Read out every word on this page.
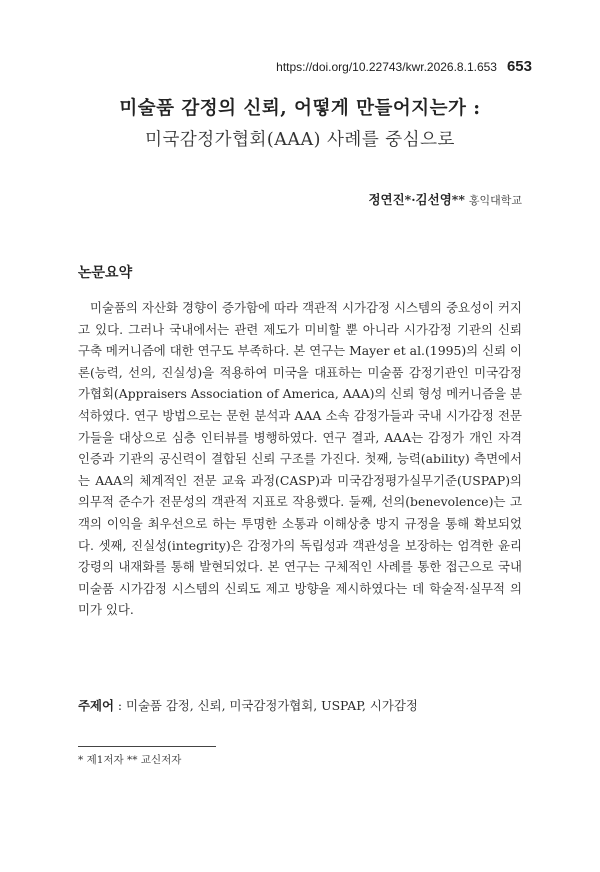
https://doi.org/10.22743/kwr.2026.8.1.653 653
미술품 감정의 신뢰, 어떻게 만들어지는가 :
미국감정가협회(AAA) 사례를 중심으로
정연진*·김선영** 홍익대학교
논문요약

미술품의 자산화 경향이 증가함에 따라 객관적 시가감정 시스템의 중요성이 커지고 있다. 그러나 국내에서는 관련 제도가 미비할 뿐 아니라 시가감정 기관의 신뢰 구축 메커니즘에 대한 연구도 부족하다. 본 연구는 Mayer et al.(1995)의 신뢰 이론(능력, 선의, 진실성)을 적용하여 미국을 대표하는 미술품 감정기관인 미국감정가협회(Appraisers Association of America, AAA)의 신뢰 형성 메커니즘을 분석하였다. 연구 방법으로는 문헌 분석과 AAA 소속 감정가들과 국내 시가감정 전문가들을 대상으로 심층 인터뷰를 병행하였다. 연구 결과, AAA는 감정가 개인 자격 인증과 기관의 공신력이 결합된 신뢰 구조를 가진다. 첫째, 능력(ability) 측면에서는 AAA의 체계적인 전문 교육 과정(CASP)과 미국감정평가실무기준(USPAP)의 의무적 준수가 전문성의 객관적 지표로 작용했다. 둘째, 선의(benevolence)는 고객의 이익을 최우선으로 하는 투명한 소통과 이해상충 방지 규정을 통해 확보되었다. 셋째, 진실성(integrity)은 감정가의 독립성과 객관성을 보장하는 엄격한 윤리강령의 내재화를 통해 발현되었다. 본 연구는 구체적인 사례를 통한 접근으로 국내 미술품 시가감정 시스템의 신뢰도 제고 방향을 제시하였다는 데 학술적·실무적 의미가 있다.

주제어 : 미술품 감정, 신뢰, 미국감정가협회, USPAP, 시가감정
* 제1저자 ** 교신저자
